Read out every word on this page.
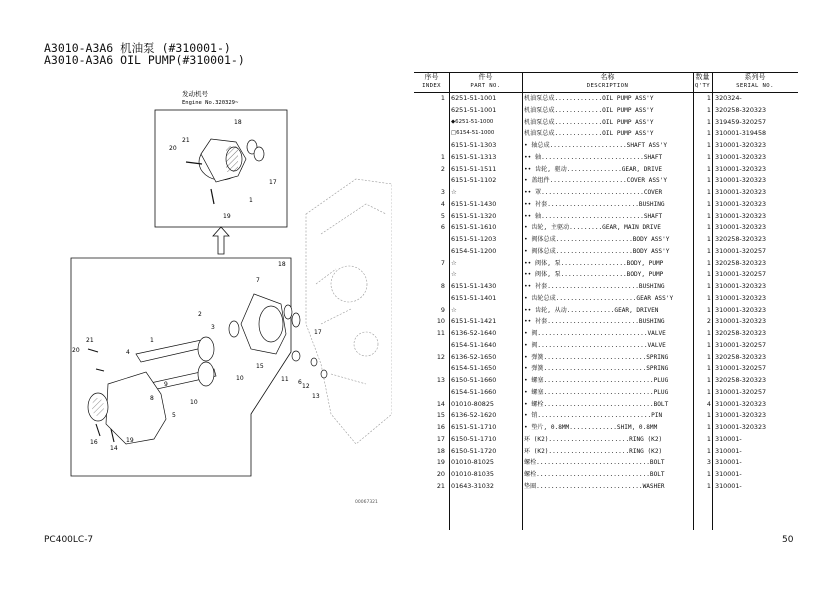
A3010-A3A6 机油泵 (#310001-)
A3010-A3A6 OIL PUMP(#310001-)
发动机号
Engine No.320329~
18
21
20
17
1
19
18
7
17
2
3
21
20	4
1
10
15
11 6
13
12
9
10
5
8
14
19
16
00067321
序号
INDEX
件号
PART NO.
名称
DESCRIPTION
数量
Q'TY
系列号
SERIAL NO.
1 6251-51-1001	机油泵总成.............OIL PUMP ASS'Y	1 320324-
6251-51-1001	机油泵总成.............OIL PUMP ASS'Y	1 320258-320323
◆6251-51-1000	机油泵总成.............OIL PUMP ASS'Y	1 319459-320257
□6154-51-1000	机油泵总成.............OIL PUMP ASS'Y	1 310001-319458
6151-51-1303	• 轴总成.....................SHAFT ASS'Y	1 310001-320323
1 6151-51-1313	•• 轴............................SHAFT	1 310001-320323
2 6151-51-1511	•• 齿轮, 驱动...............GEAR, DRIVE	1 310001-320323
6151-51-1102	• 盖组件.....................COVER ASS'Y	1 310001-320323
3 ☆	•• 罩............................COVER	1 310001-320323
4 6151-51-1430	•• 衬套.........................BUSHING	1 310001-320323
5 6151-51-1320	•• 轴............................SHAFT	1 310001-320323
6 6151-51-1610	• 齿轮, 主驱动.........GEAR, MAIN DRIVE	1 310001-320323
6151-51-1203	• 阀体总成.....................BODY ASS'Y	1 320258-320323
6154-51-1200	• 阀体总成.....................BODY ASS'Y	1 310001-320257
7 ☆	•• 阀体, 泵..................BODY, PUMP	1 320258-320323
☆	•• 阀体, 泵..................BODY, PUMP	1 310001-320257
8 6151-51-1430	•• 衬套.........................BUSHING	1 310001-320323
6151-51-1401	• 齿轮总成......................GEAR ASS'Y	1 310001-320323
9 ☆	•• 齿轮, 从动.............GEAR, DRIVEN	1 310001-320323
10 6151-51-1421	•• 衬套.........................BUSHING	2 310001-320323
11 6136-52-1640	• 阀..............................VALVE	1 320258-320323
6154-51-1640	• 阀..............................VALVE	1 310001-320257
12 6136-52-1650	• 弹簧............................SPRING	1 320258-320323
6154-51-1650	• 弹簧............................SPRING	1 310001-320257
13 6150-51-1660	• 螺塞..............................PLUG	1 320258-320323
6154-51-1660	• 螺塞..............................PLUG	1 310001-320257
14 01010-80825	• 螺栓..............................BOLT	4 310001-320323
15 6136-52-1620	• 销...............................PIN	1 310001-320323
16 6151-51-1710	• 垫片, 0.8MM.............SHIM, 0.8MM	1 310001-320323
17 6150-51-1710	环 (K2)......................RING (K2)	1 310001-
18 6150-51-1720	环 (K2)......................RING (K2)	1 310001-
19 01010-81025	螺栓...............................BOLT	3 310001-
20 01010-81035	螺栓...............................BOLT	1 310001-
21 01643-31032	垫圈.............................WASHER	1 310001-
PC400LC-7	50
